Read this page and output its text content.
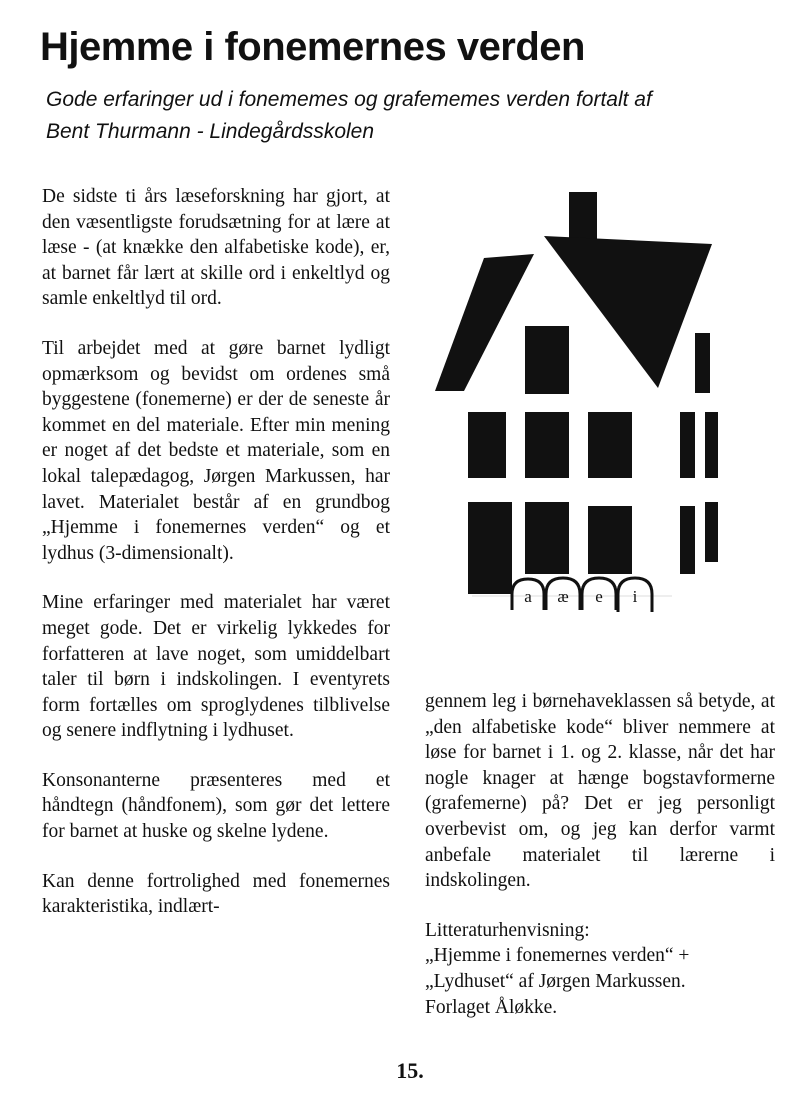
Hjemme i fonemernes verden
Gode erfaringer ud i fonememes og grafememes verden fortalt af
Bent Thurmann - Lindegårdsskolen

De sidste ti års læseforskning har gjort, at den væsentligste forudsætning for at lære at læse - (at knække den alfabetiske kode), er, at barnet får lært at skille ord i enkeltlyd og samle enkeltlyd til ord.

Til arbejdet med at gøre barnet lydligt opmærksom og bevidst om ordenes små byggestene (fonemerne) er der de seneste år kommet en del materiale. Efter min mening er noget af det bedste et materiale, som en lokal talepædagog, Jørgen Markussen, har lavet. Materialet består af en grundbog „Hjemme i fonemernes verden“ og et lydhus (3-dimensionalt).

Mine erfaringer med materialet har været meget gode. Det er virkelig lykkedes for forfatteren at lave noget, som umiddelbart taler til børn i indskolingen. I eventyrets form fortælles om sproglydenes tilblivelse og senere indflytning i lydhuset.

Konsonanterne præsenteres med et håndtegn (håndfonem), som gør det lettere for barnet at huske og skelne lydene.

Kan denne fortrolighed med fonemernes karakteristika, indlært-

a æ e i

gennem leg i børnehaveklassen så betyde, at „den alfabetiske kode“ bliver nemmere at løse for barnet i 1. og 2. klasse, når det har nogle knager at hænge bogstavformerne (grafemerne) på? Det er jeg personligt overbevist om, og jeg kan derfor varmt anbefale materialet til lærerne i indskolingen.

Litteraturhenvisning:

„Hjemme i fonemernes verden“ +

„Lydhuset“ af Jørgen Markussen.

Forlaget Åløkke.

15.
